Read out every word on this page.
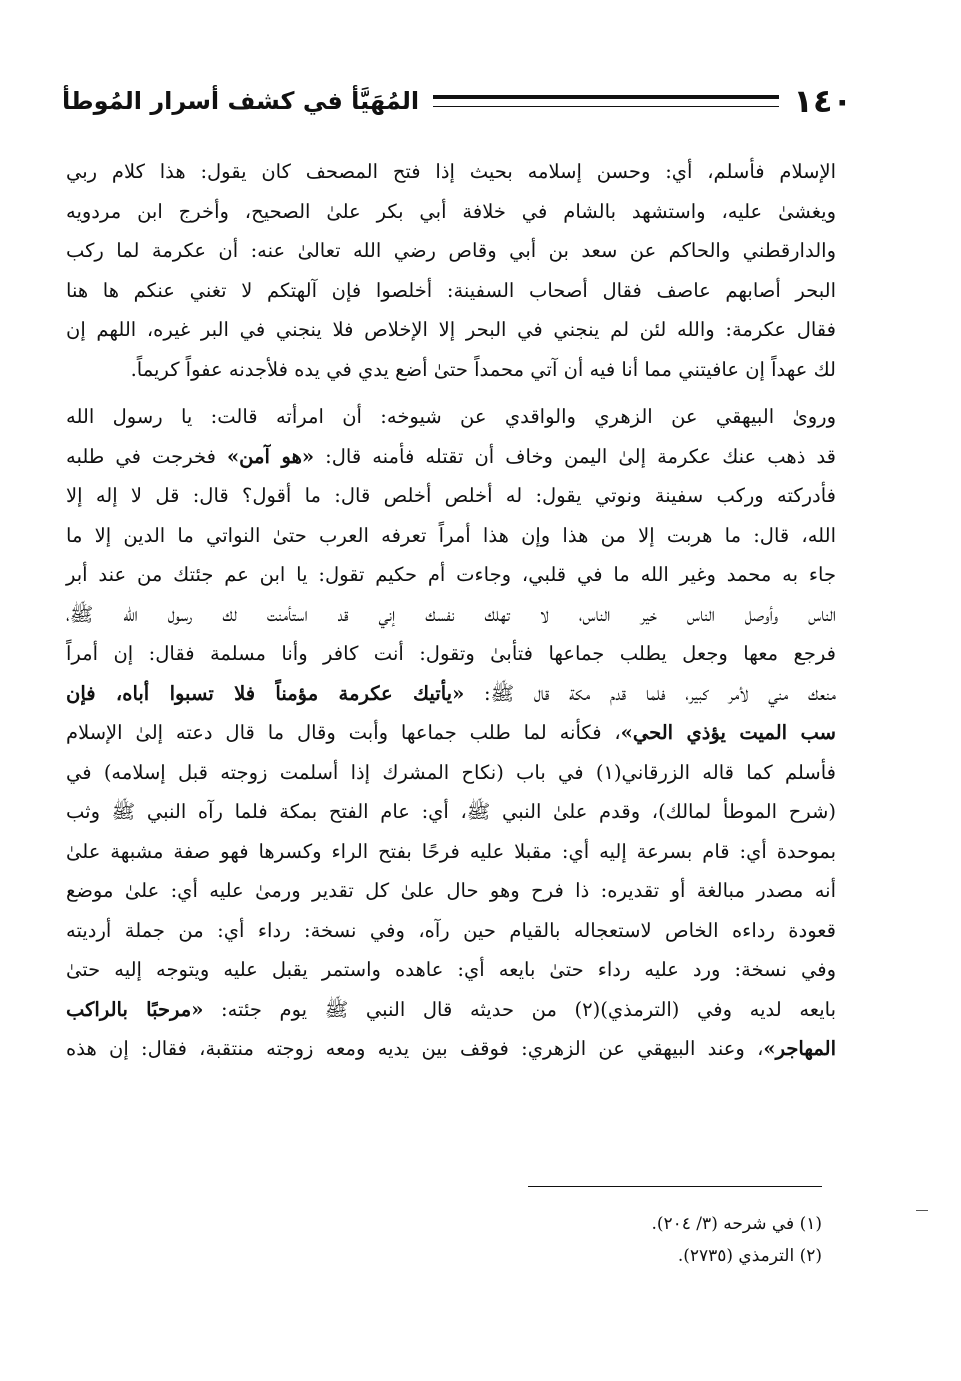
١٤٠
المُهَيَّأ في كشف أسرار المُوطأ

الإسلام فأسلم، أي: وحسن إسلامه بحيث إذا فتح المصحف كان يقول: هذا كلام ربي
ويغشىٰ عليه، واستشهد بالشام في خلافة أبي بكر علىٰ الصحيح، وأخرج ابن مردويه
والدارقطني والحاكم عن سعد بن أبي وقاص رضي الله تعالىٰ عنه: أن عكرمة لما ركب
البحر أصابهم عاصف فقال أصحاب السفينة: أخلصوا فإن آلهتكم لا تغني عنكم ها هنا
فقال عكرمة: والله لئن لم ينجني في البحر إلا الإخلاص فلا ينجني في البر غيره، اللهم إن
لك عهداً إن عافيتني مما أنا فيه أن آتي محمداً حتىٰ أضع يدي في يده فلأجدنه عفواً كريماً.

وروىٰ البيهقي عن الزهري والواقدي عن شيوخه: أن امرأته قالت: يا رسول الله
قد ذهب عنك عكرمة إلىٰ اليمن وخاف أن تقتله فأمنه قال: «هو آمن» فخرجت في طلبه
فأدركته وركب سفينة ونوتي يقول: له أخلص أخلص قال: ما أقول؟ قال: قل لا إله إلا
الله، قال: ما هربت إلا من هذا وإن هذا أمراً تعرفه العرب حتىٰ النواتي ما الدين إلا ما
جاء به محمد وغير الله ما في قلبي، وجاءت أم حكيم تقول: يا ابن عم جئتك من عند أبر
الناس وأوصل الناس خير الناس، لا تهلك نفسك إني قد استأمنت لك رسول الله ﷺ،
فرجع معها وجعل يطلب جماعها فتأبىٰ وتقول: أنت كافر وأنا مسلمة فقال: إن أمراً
منعك مني لأمر كبير، فلما قدم مكة قال ﷺ: «يأتيك عكرمة مؤمناً فلا تسبوا أباه، فإن
سب الميت يؤذي الحي»، فكأنه لما طلب جماعها وأبت وقال ما قال دعته إلىٰ الإسلام
فأسلم كما قاله الزرقاني(١) في باب (نكاح المشرك إذا أسلمت زوجته قبل إسلامه) في
(شرح الموطأ لمالك)، وقدم علىٰ النبي ﷺ، أي: عام الفتح بمكة فلما رآه النبي ﷺ وثب
بموحدة أي: قام بسرعة إليه أي: مقبلا عليه فرحًا بفتح الراء وكسرها فهو صفة مشبهة علىٰ
أنه مصدر مبالغة أو تقديره: ذا فرح وهو حال علىٰ كل تقدير ورمىٰ عليه أي: علىٰ موضع
قعودة رداءه الخاص لاستعجاله بالقيام حين رآه، وفي نسخة: رداء أي: من جملة أرديته
وفي نسخة: ورد عليه رداء حتىٰ بايعه أي: عاهده واستمر يقبل عليه ويتوجه إليه حتىٰ
بايعه لديه وفي (الترمذي)(٢) من حديثه قال النبي ﷺ يوم جئته: «مرحبًا بالراكب
المهاجر»، وعند البيهقي عن الزهري: فوقف بين يديه ومعه زوجته منتقبة، فقال: إن هذه

(١) في شرحه (٣/ ٢٠٤).
(٢) الترمذي (٢٧٣٥).
